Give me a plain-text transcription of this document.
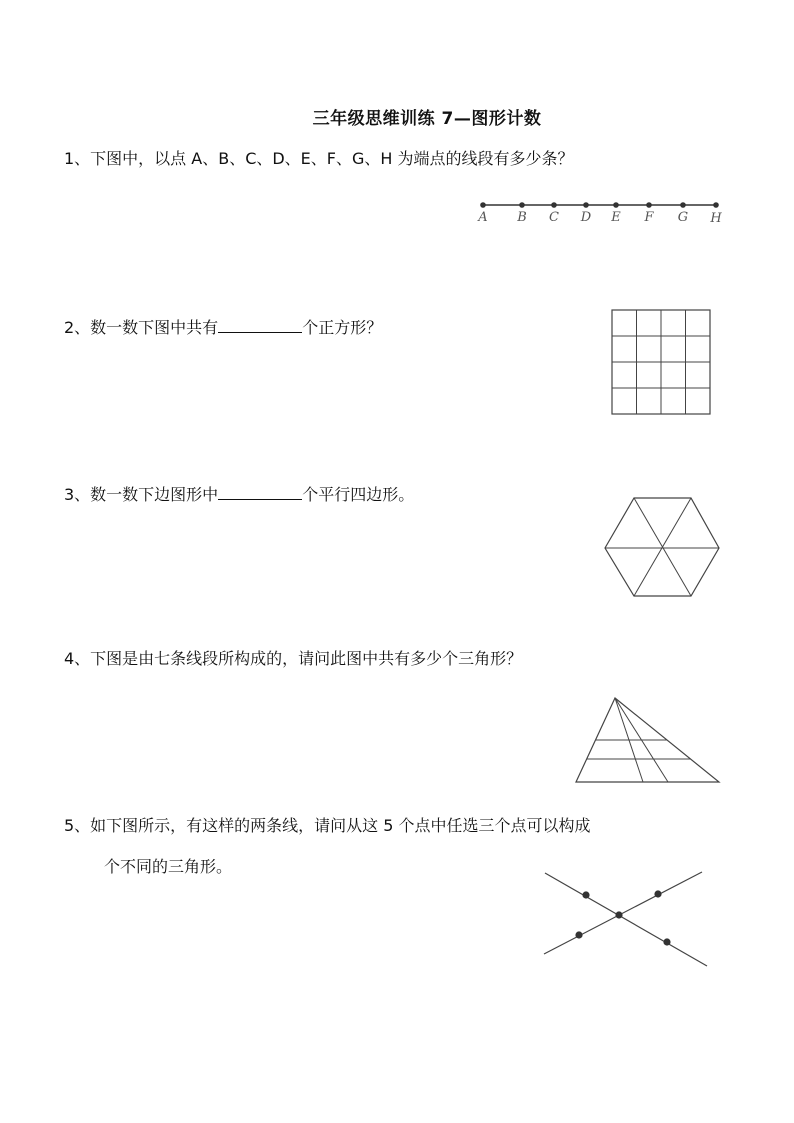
三年级思维训练 7—图形计数
1、下图中，以点 A、B、C、D、E、F、G、H 为端点的线段有多少条？
A B C D E F G H
2、数一数下图中共有	个正方形？
3、数一数下边图形中	个平行四边形。
4、下图是由七条线段所构成的，请问此图中共有多少个三角形？
5、如下图所示，有这样的两条线，请问从这 5 个点中任选三个点可以构成
个不同的三角形。
